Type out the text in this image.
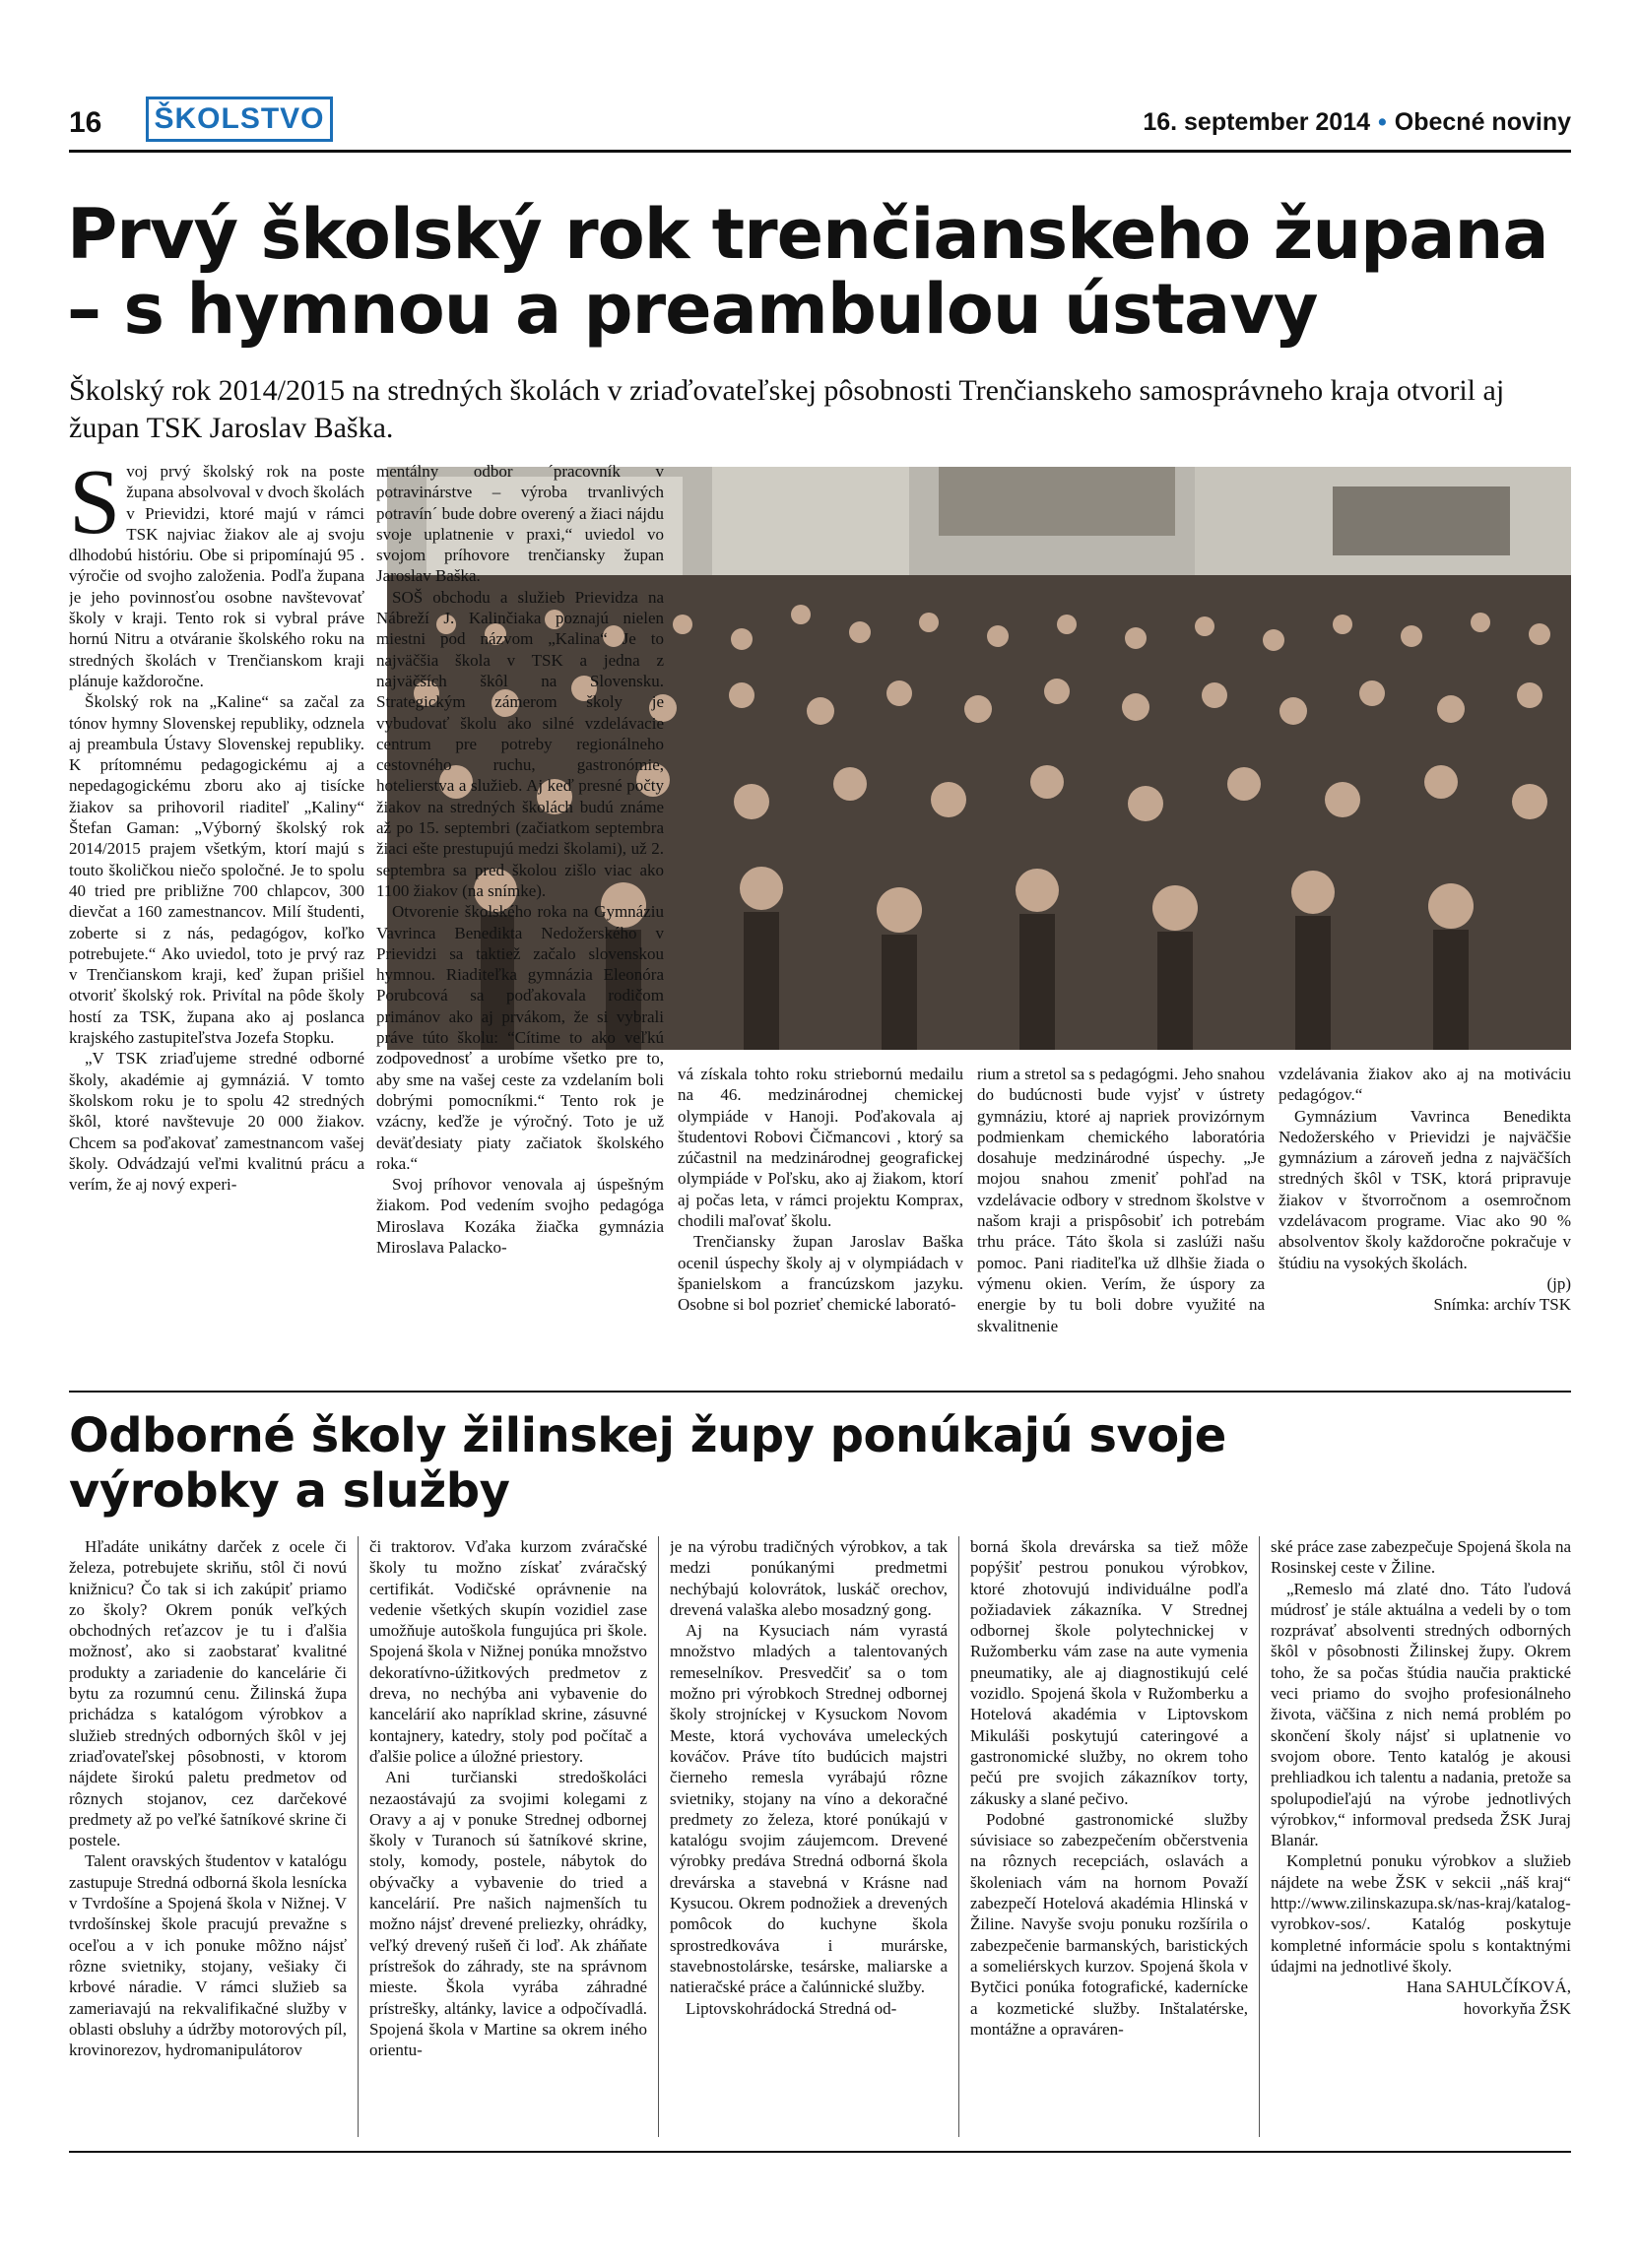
16 ŠKOLSTVO	16. september 2014 • Obecné noviny
Prvý školský rok trenčianskeho župana – s hymnou a preambulou ústavy
Školský rok 2014/2015 na stredných školách v zriaďovateľskej pôsobnosti Trenčianskeho samosprávneho kraja otvoril aj župan TSK Jaroslav Baška.

Svoj prvý školský rok na poste župana absolvoval v dvoch školách v Prievidzi, ktoré majú v rámci TSK najviac žiakov ale aj svoju dlhodobú históriu. Obe si pripomínajú 95 . výročie od svojho založenia. Podľa župana je jeho povinnosťou osobne navštevovať školy v kraji. Tento rok si vybral práve hornú Nitru a otváranie školského roku na stredných školách v Trenčianskom kraji plánuje každoročne.

Školský rok na „Kaline“ sa začal za tónov hymny Slovenskej republiky, odznela aj preambula Ústavy Slovenskej republiky. K prítomnému pedagogickému aj a nepedagogickému zboru ako aj tisícke žiakov sa prihovoril riaditeľ „Kaliny“ Štefan Gaman: „Výborný školský rok 2014/2015 prajem všetkým, ktorí majú s touto školičkou niečo spoločné. Je to spolu 40 tried pre približne 700 chlapcov, 300 dievčat a 160 zamestnancov. Milí študenti, zoberte si z nás, pedagógov, koľko potrebujete.“ Ako uviedol, toto je prvý raz v Trenčianskom kraji, keď župan prišiel otvoriť školský rok. Privítal na pôde školy hostí za TSK, županа ako aj poslanca krajského zastupiteľstva Jozefa Stopku.

„V TSK zriaďujeme stredné odborné školy, akadémie aj gymnáziá. V tomto školskom roku je to spolu 42 stredných škôl, ktoré navštevuje 20 000 žiakov. Chcem sa poďakovať zamestnancom vašej školy. Odvádzajú veľmi kvalitnú prácu a verím, že aj nový experi-

mentálny odbor ´pracovník v potravinárstve – výroba trvanlivých potravín´ bude dobre overený a žiaci nájdu svoje uplatnenie v praxi,“ uviedol vo svojom príhovore trenčiansky župan Jaroslav Baška.

SOŠ obchodu a služieb Prievidza na Nábreží J. Kalinčiaka poznajú nielen miestni pod názvom „Kalina“ Je to najväčšia škola v TSK a jedna z najväčších škôl na Slovensku. Strategickým zámerom školy je vybudovať školu ako silné vzdelávacie centrum pre potreby regionálneho cestovného ruchu, gastronómie, hotelierstva a služieb. Aj keď presné počty žiakov na stredných školách budú známe až po 15. septembri (začiatkom septembra žiaci ešte prestupujú medzi školami), už 2. septembra sa pred školou zišlo viac ako 1100 žiakov (na snímke).

Otvorenie školského roka na Gymnáziu Vavrinca Benedikta Nedožerského v Prievidzi sa taktiež začalo slovenskou hymnou. Riaditeľka gymnázia Eleonóra Porubcová sa poďakovala rodičom primánov ako aj prvákom, že si vybrali práve túto školu: “Cítime to ako veľkú zodpovednosť a urobíme všetko pre to, aby sme na vašej ceste za vzdelaním boli dobrými pomocníkmi.“ Tento rok je vzácny, keďže je výročný. Toto je už deväťdesiaty piaty začiatok školského roka.“

Svoj príhovor venovala aj úspešným žiakom. Pod vedením svojho pedagóga Miroslava Kozáka žiačka gymnázia Miroslava Palacko-

vá získala tohto roku striebornú medailu na 46. medzinárodnej chemickej olympiáde v Hanoji. Poďakovala aj študentovi Robovi Čičmancovi , ktorý sa zúčastnil na medzinárodnej geografickej olympiáde v Poľsku, ako aj žiakom, ktorí aj počas leta, v rámci projektu Komprax, chodili maľovať školu.

Trenčiansky župan Jaroslav Baška ocenil úspechy školy aj v olympiádach v španielskom a francúzskom jazyku. Osobne si bol pozrieť chemické laborató-

rium a stretol sa s pedagógmi. Jeho snahou do budúcnosti bude vyjsť v ústrety gymnáziu, ktoré aj napriek provizórnym podmienkam chemického laboratória dosahuje medzinárodné úspechy. „Je mojou snahou zmeniť pohľad na vzdelávacie odbory v strednom školstve v našom kraji a prispôsobiť ich potrebám trhu práce. Táto škola si zaslúži našu pomoc. Pani riaditeľka už dlhšie žiada o výmenu okien. Verím, že úspory za energie by tu boli dobre využité na skvalitnenie

vzdelávania žiakov ako aj na motiváciu pedagógov.“

Gymnázium Vavrinca Benedikta Nedožerského v Prievidzi je najväčšie gymnázium a zároveň jedna z najväčších stredných škôl v TSK, ktorá pripravuje žiakov v štvorročnom a osemročnom vzdelávacom programe. Viac ako 90 % absolventov školy každoročne pokračuje v štúdiu na vysokých školách.

(jp)

Snímka: archív TSK

Odborné školy žilinskej župy ponúkajú svoje výrobky a služby

Hľadáte unikátny darček z ocele či železa, potrebujete skriňu, stôl či novú knižnicu? Čo tak si ich zakúpiť priamo zo školy? Okrem ponúk veľkých obchodných reťazcov je tu i ďalšia možnosť, ako si zaobstarať kvalitné produkty a zariadenie do kancelárie či bytu za rozumnú cenu. Žilinská župa prichádza s katalógom výrobkov a služieb stredných odborných škôl v jej zriaďovateľskej pôsobnosti, v ktorom nájdete širokú paletu predmetov od rôznych stojanov, cez darčekové predmety až po veľké šatníkové skrine či postele.

Talent oravských študentov v katalógu zastupuje Stredná odborná škola lesnícka v Tvrdošíne a Spojená škola v Nižnej. V tvrdošínskej škole pracujú prevažne s oceľou a v ich ponuke môžno nájsť rôzne svietniky, stojany, vešiaky či krbové náradie. V rámci služieb sa zameriavajú na rekvalifikačné služby v oblasti obsluhy a údržby motorových píl, krovinorezov, hydromanipulátorov

či traktorov. Vďaka kurzom zváračské školy tu možno získať zváračský certifikát. Vodičské oprávnenie na vedenie všetkých skupín vozidiel zase umožňuje autoškola fungujúca pri škole. Spojená škola v Nižnej ponúka množstvo dekoratívno-úžitkových predmetov z dreva, no nechýba ani vybavenie do kancelárií ako napríklad skrine, zásuvné kontajnery, katedry, stoly pod počítač a ďalšie police a úložné priestory.

Ani turčianski stredoškoláci nezaostávajú za svojimi kolegami z Oravy a aj v ponuke Strednej odbornej školy v Turanoch sú šatníkové skrine, stoly, komody, postele, nábytok do obývačky a vybavenie do tried a kancelárií. Pre našich najmenších tu možno nájsť drevené preliezky, ohrádky, veľký drevený rušeň či loď. Ak zháňate prístrešok do záhrady, ste na správnom mieste. Škola vyrába záhradné prístrešky, altánky, lavice a odpočívadlá. Spojená škola v Martine sa okrem iného orientu-

je na výrobu tradičných výrobkov, a tak medzi ponúkanými predmetmi nechýbajú kolovrátok, luskáč orechov, drevená valaška alebo mosadzný gong.

Aj na Kysuciach nám vyrastá množstvo mladých a talentovaných remeselníkov. Presvedčiť sa o tom možno pri výrobkoch Strednej odbornej školy strojníckej v Kysuckom Novom Meste, ktorá vychováva umeleckých kováčov. Práve títo budúcich majstri čierneho remesla vyrábajú rôzne svietniky, stojany na víno a dekoračné predmety zo železa, ktoré ponúkajú v katalógu svojim záujemcom. Drevené výrobky predáva Stredná odborná škola drevárska a stavebná v Krásne nad Kysucou. Okrem podnožiek a drevených pomôcok do kuchyne škola sprostredkováva i murárske, stavebnostolárske, tesárske, maliarske a natieračské práce a čalúnnické služby.

Liptovskohrádocká Stredná od-

borná škola drevárska sa tiež môže popýšiť pestrou ponukou výrobkov, ktoré zhotovujú individuálne podľa požiadaviek zákazníka. V Strednej odbornej škole polytechnickej v Ružomberku vám zase na aute vymenia pneumatiky, ale aj diagnostikujú celé vozidlo. Spojená škola v Ružomberku a Hotelová akadémia v Liptovskom Mikuláši poskytujú cateringové a gastronomické služby, no okrem toho pečú pre svojich zákazníkov torty, zákusky a slané pečivo.

Podobné gastronomické služby súvisiace so zabezpečením občerstvenia na rôznych recepciách, oslavách a školeniach vám na hornom Považí zabezpečí Hotelová akadémia Hlinská v Žiline. Navyše svoju ponuku rozšírila o zabezpečenie barmanských, baristických a someliérskych kurzov. Spojená škola v Bytčici ponúka fotografické, kadernícke a kozmetické služby. Inštalatérske, montážne a opraváren-

ské práce zase zabezpečuje Spojená škola na Rosinskej ceste v Žiline.

„Remeslo má zlaté dno. Táto ľudová múdrosť je stále aktuálna a vedeli by o tom rozprávať absolventi stredných odborných škôl v pôsobnosti Žilinskej župy. Okrem toho, že sa počas štúdia naučia praktické veci priamo do svojho profesionálneho života, väčšina z nich nemá problém po skončení školy nájsť si uplatnenie vo svojom obore. Tento katalóg je akousi prehliadkou ich talentu a nadania, pretože sa spolupodieľajú na výrobe jednotlivých výrobkov,“ informoval predseda ŽSK Juraj Blanár.

Kompletnú ponuku výrobkov a služieb nájdete na webe ŽSK v sekcii „náš kraj“ http://www.zilinskazupa.sk/nas-kraj/katalog-vyrobkov-sos/. Katalóg poskytuje kompletné informácie spolu s kontaktnými údajmi na jednotlivé školy.

Hana SAHULČÍKOVÁ,

hovorkyňa ŽSK
